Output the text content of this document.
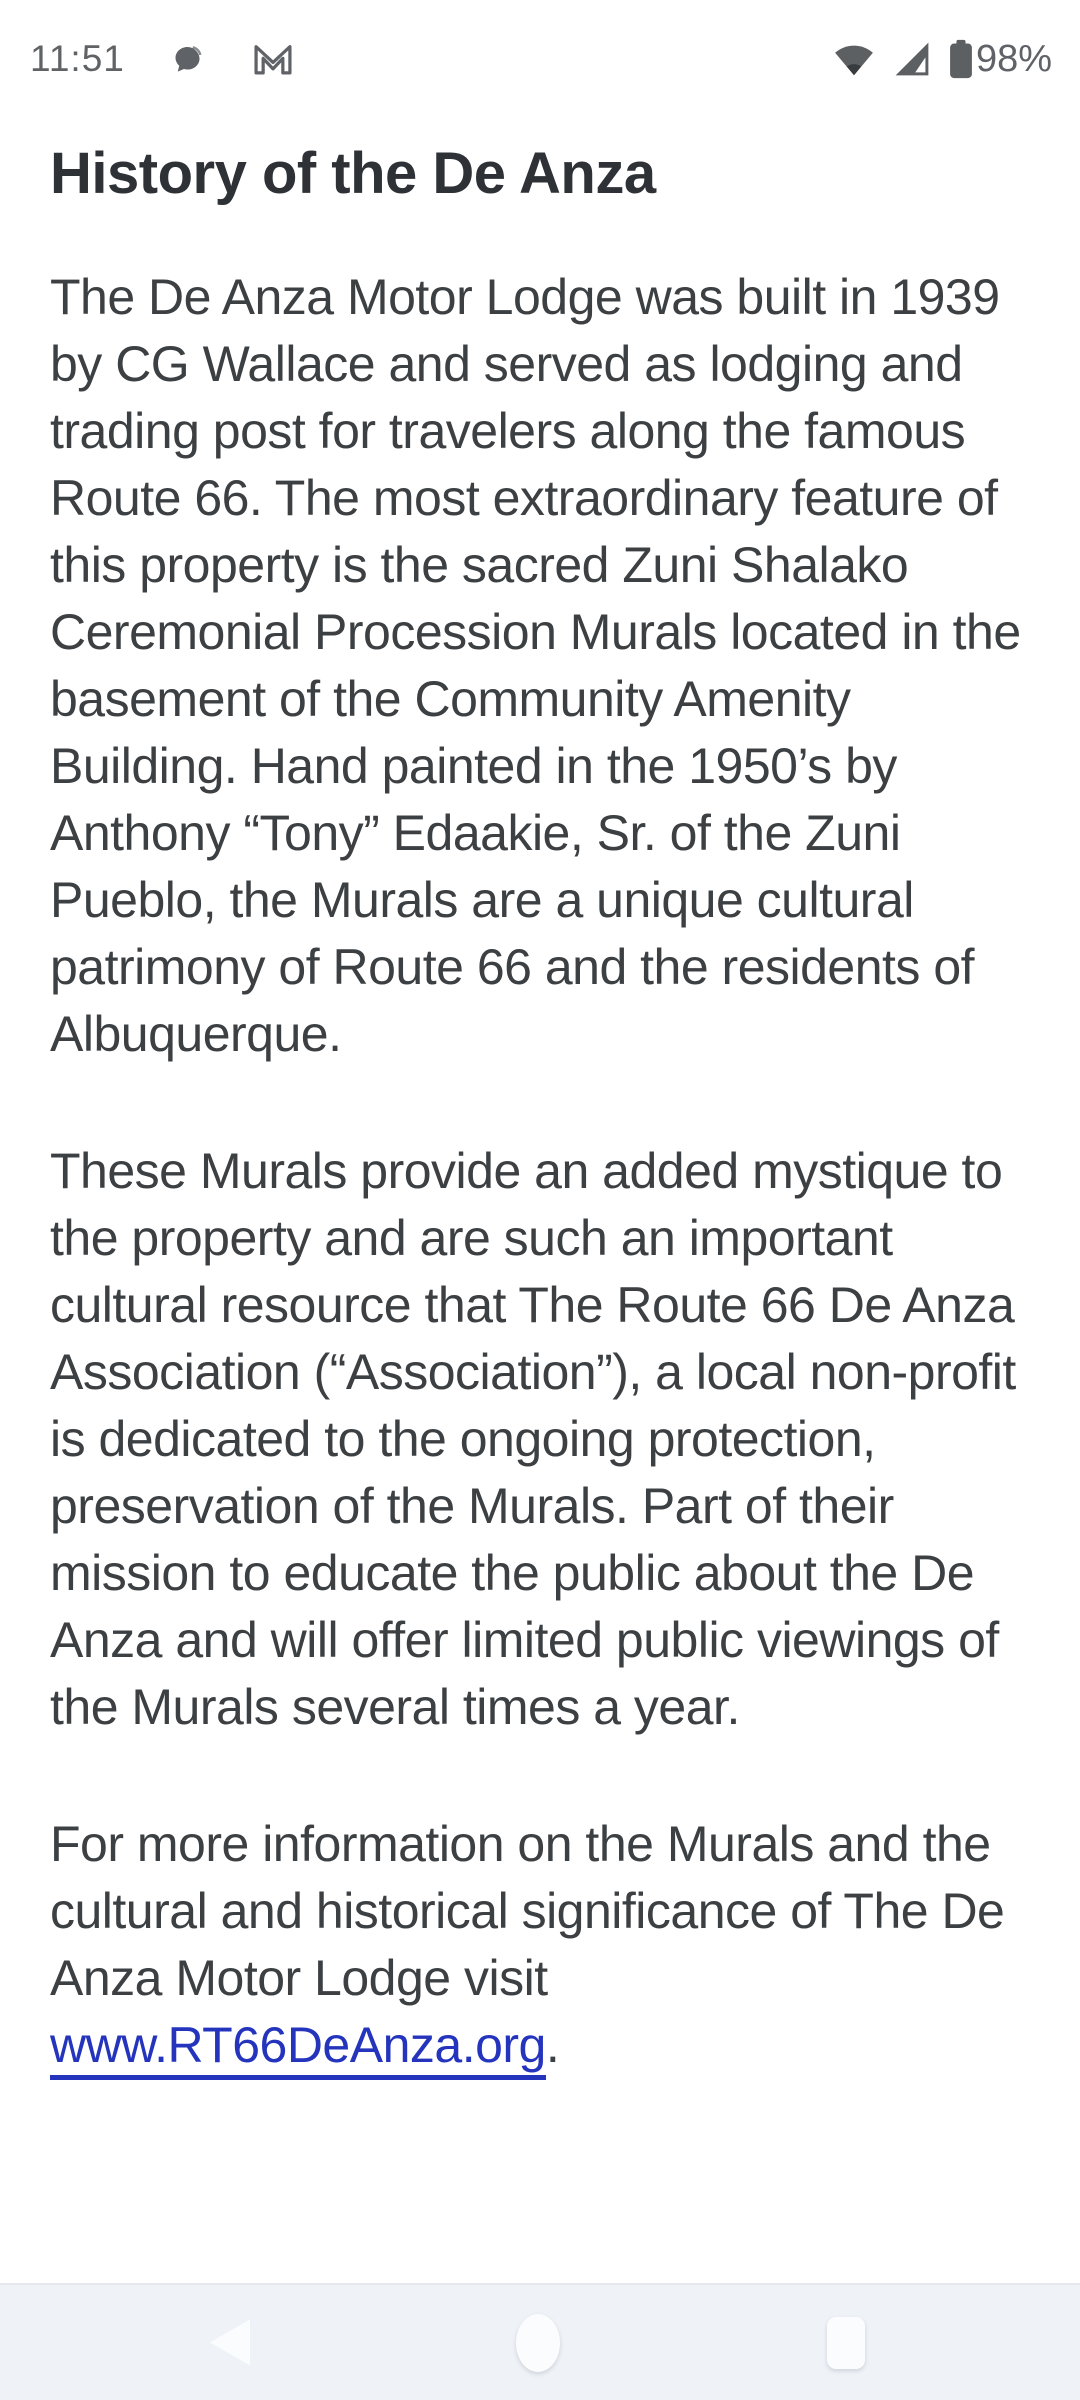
11:51	98%
History of the De Anza

The De Anza Motor Lodge was built in 1939 by CG Wallace and served as lodging and trading post for travelers along the famous Route 66. The most extraordinary feature of this property is the sacred Zuni Shalako Ceremonial Procession Murals located in the basement of the Community Amenity Building. Hand painted in the 1950’s by Anthony “Tony” Edaakie, Sr. of the Zuni Pueblo, the Murals are a unique cultural patrimony of Route 66 and the residents of Albuquerque.

These Murals provide an added mystique to the property and are such an important cultural resource that The Route 66 De Anza Association (“Association”), a local non-profit is dedicated to the ongoing protection, preservation of the Murals. Part of their mission to educate the public about the De Anza and will offer limited public viewings of the Murals several times a year.

For more information on the Murals and the cultural and historical significance of The De Anza Motor Lodge visit www.RT66DeAnza.org.
